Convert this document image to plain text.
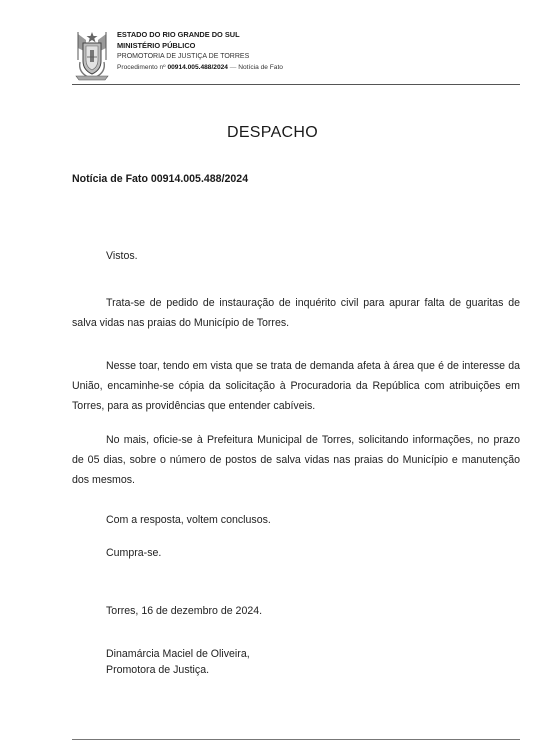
ESTADO DO RIO GRANDE DO SUL
MINISTÉRIO PÚBLICO
PROMOTORIA DE JUSTIÇA DE TORRES
Procedimento nº 00914.005.488/2024 — Notícia de Fato
DESPACHO
Notícia de Fato 00914.005.488/2024

Vistos.

Trata-se de pedido de instauração de inquérito civil para apurar falta de guaritas de salva vidas nas praias do Município de Torres.

Nesse toar, tendo em vista que se trata de demanda afeta à área que é de interesse da União, encaminhe-se cópia da solicitação à Procuradoria da República com atribuições em Torres, para as providências que entender cabíveis.

No mais, oficie-se à Prefeitura Municipal de Torres, solicitando informações, no prazo de 05 dias, sobre o número de postos de salva vidas nas praias do Município e manutenção dos mesmos.

Com a resposta, voltem conclusos.

Cumpra-se.

Torres, 16 de dezembro de 2024.

Dinamárcia Maciel de Oliveira,
Promotora de Justiça.
